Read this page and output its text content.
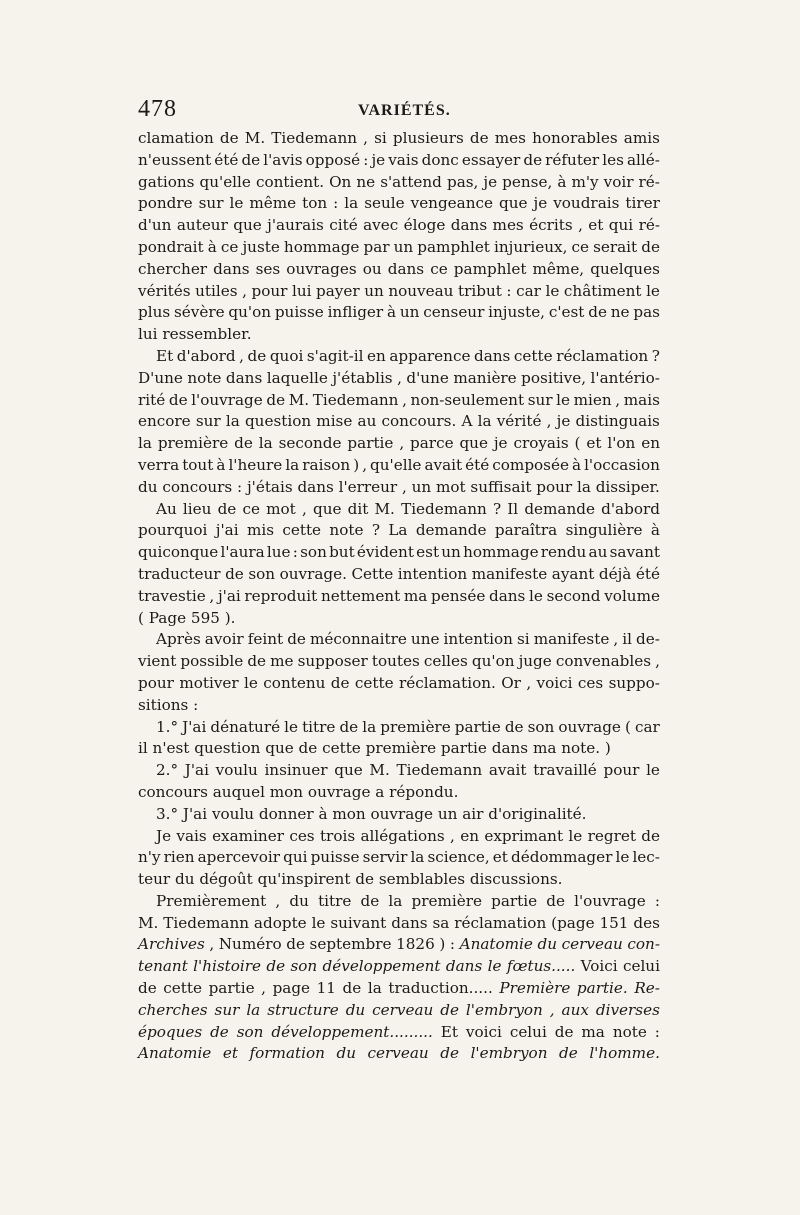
478	VARIÉTÉS.
clamation de M. Tiedemann , si plusieurs de mes honorables amis
n'eussent été de l'avis opposé : je vais donc essayer de réfuter les allé-
gations qu'elle contient. On ne s'attend pas, je pense, à m'y voir ré-
pondre sur le même ton : la seule vengeance que je voudrais tirer
d'un auteur que j'aurais cité avec éloge dans mes écrits , et qui ré-
pondrait à ce juste hommage par un pamphlet injurieux, ce serait de
chercher dans ses ouvrages ou dans ce pamphlet même, quelques
vérités utiles , pour lui payer un nouveau tribut : car le châtiment le
plus sévère qu'on puisse infliger à un censeur injuste, c'est de ne pas
lui
ressembler.

Et d'abord , de quoi s'agit-il en apparence dans cette réclamation ?
D'une note dans laquelle j'établis , d'une manière positive, l'antério-
rité de l'ouvrage de M. Tiedemann , non-seulement sur le mien , mais
encore sur la question mise au concours. A la vérité , je distinguais
la première de la seconde partie , parce que je croyais ( et l'on en
verra tout à l'heure la raison ) , qu'elle avait été composée à l'occasion
du concours : j'étais dans l'erreur , un mot suffisait pour la dissiper.
Au lieu de ce mot , que dit M. Tiedemann ? Il demande d'abord
pourquoi j'ai mis cette note ? La demande paraîtra singulière à
quiconque l'aura lue : son but évident est un hommage rendu au savant
traducteur de son ouvrage. Cette intention manifeste ayant déjà été
travestie , j'ai reproduit nettement ma pensée dans le second volume
(
Page
595
).

Après avoir feint de méconnaitre une intention si manifeste , il de-
vient possible de me supposer toutes celles qu'on juge convenables ,
pour motiver le contenu de cette réclamation. Or , voici ces suppo-
sitions
:

1.° J'ai dénaturé le titre de la première partie de son ouvrage ( car
il
n'est
question
que
de
cette
première
partie
dans
ma
note.
)

2.° J'ai voulu insinuer que M. Tiedemann avait travaillé pour le
concours
auquel
mon
ouvrage
a
répondu.

3.°
J'ai
voulu
donner
à
mon
ouvrage
un
air
d'originalité.

Je vais examiner ces trois allégations , en exprimant le regret de
n'y rien apercevoir qui puisse servir la science, et dédommager le lec-
teur
du
dégoût
qu'inspirent
de
semblables
discussions.

Premièrement , du titre de la première partie de l'ouvrage :
M. Tiedemann adopte le suivant dans sa réclamation (page 151 des
Archives , Numéro de septembre 1826 ) : Anatomie du cerveau con-
tenant l'histoire de son développement dans le fœtus..... Voici celui
de cette partie , page 11 de la traduction..... Première partie. Re-
cherches sur la structure du cerveau de l'embryon , aux diverses
époques de son développement......... Et voici celui de ma note :
Anatomie et formation du cerveau de l'embryon de l'homme.
